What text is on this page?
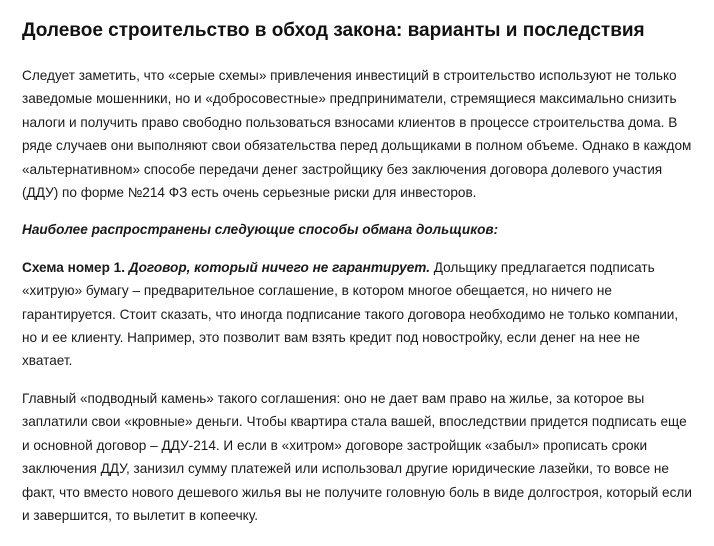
Долевое строительство в обход закона: варианты и последствия

Следует заметить, что «серые схемы» привлечения инвестиций в строительство используют не только заведомые мошенники, но и «добросовестные» предприниматели, стремящиеся максимально снизить налоги и получить право свободно пользоваться взносами клиентов в процессе строительства дома. В ряде случаев они выполняют свои обязательства перед дольщиками в полном объеме. Однако в каждом «альтернативном» способе передачи денег застройщику без заключения договора долевого участия (ДДУ) по форме №214 ФЗ есть очень серьезные риски для инвесторов.

Наиболее распространены следующие способы обмана дольщиков:

Схема номер 1. Договор, который ничего не гарантирует. Дольщику предлагается подписать «хитрую» бумагу – предварительное соглашение, в котором многое обещается, но ничего не гарантируется. Стоит сказать, что иногда подписание такого договора необходимо не только компании, но и ее клиенту. Например, это позволит вам взять кредит под новостройку, если денег на нее не хватает.

Главный «подводный камень» такого соглашения: оно не дает вам право на жилье, за которое вы заплатили свои «кровные» деньги. Чтобы квартира стала вашей, впоследствии придется подписать еще и основной договор – ДДУ-214. И если в «хитром» договоре застройщик «забыл» прописать сроки заключения ДДУ, занизил сумму платежей или использовал другие юридические лазейки, то вовсе не факт, что вместо нового дешевого жилья вы не получите головную боль в виде долгостроя, который если и завершится, то вылетит в копеечку.
